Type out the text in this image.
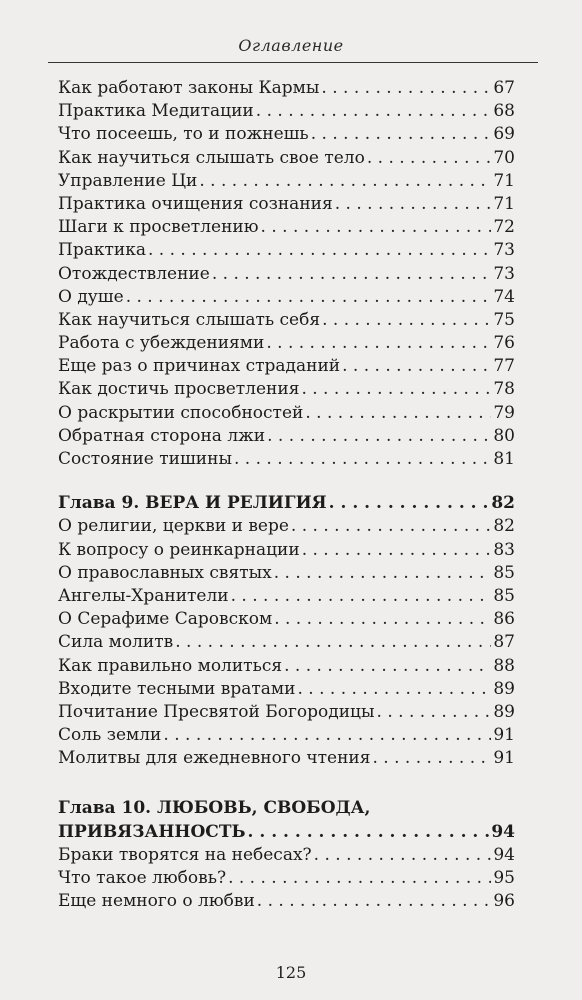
Оглавление
Как работают законы Кармы . . .	67
Практика Медитации . . .	68
Что посеешь, то и пожнешь . . .	69
Как научиться слышать свое тело . . .	70
Управление Ци . . .	71
Практика очищения сознания . . .	71
Шаги к просветлению . . .	72
Практика . . .	73
Отождествление . . .	73
О душе . . .	74
Как научиться слышать себя . . .	75
Работа с убеждениями . . .	76
Еще раз о причинах страданий . . .	77
Как достичь просветления . . .	78
О раскрытии способностей . . .	79
Обратная сторона лжи . . .	80
Состояние тишины . . .	81
Глава 9. ВЕРА И РЕЛИГИЯ . . .	82
О религии, церкви и вере . . .	82
К вопросу о реинкарнации . . .	83
О православных святых . . .	85
Ангелы-Хранители . . .	85
О Серафиме Саровском . . .	86
Сила молитв . . .	87
Как правильно молиться . . .	88
Входите тесными вратами . . .	89
Почитание Пресвятой Богородицы . . .	89
Соль земли . . .	91
Молитвы для ежедневного чтения . . .	91
Глава 10. ЛЮБОВЬ, СВОБОДА,
ПРИВЯЗАННОСТЬ . . .	94
Браки творятся на небесах? . . .	94
Что такое любовь? . . .	95
Еще немного о любви . . .	96
125
